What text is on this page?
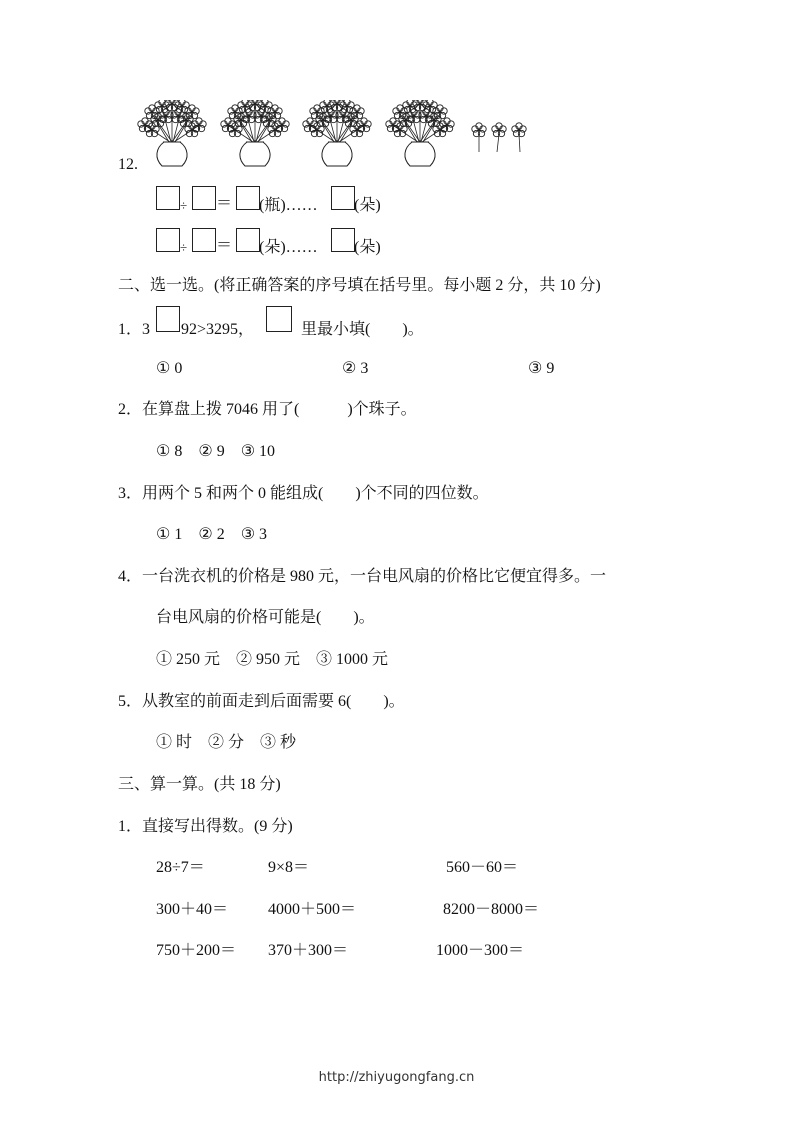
12.
÷ ＝ (瓶)…… (朵)
÷ ＝ (朵)…… (朵)
二、选一选。(将正确答案的序号填在括号里。每小题 2 分，共 10 分)
1．3 92>3295，	里最小填(　　)。
① 0	② 3	③ 9
2．在算盘上拨 7046 用了(　　　)个珠子。
① 8　② 9　③ 10
3．用两个 5 和两个 0 能组成(　　)个不同的四位数。
① 1　② 2　③ 3
4．一台洗衣机的价格是 980 元，一台电风扇的价格比它便宜得多。一
台电风扇的价格可能是(　　)。
① 250 元　② 950 元　③ 1000 元
5．从教室的前面走到后面需要 6(　　)。
① 时　② 分　③ 秒
三、算一算。(共 18 分)
1．直接写出得数。(9 分)
28÷7＝	9×8＝	560－60＝
300＋40＝ 4000＋500＝	8200－8000＝
750＋200＝ 370＋300＝	1000－300＝
http://zhiyugongfang.cn
